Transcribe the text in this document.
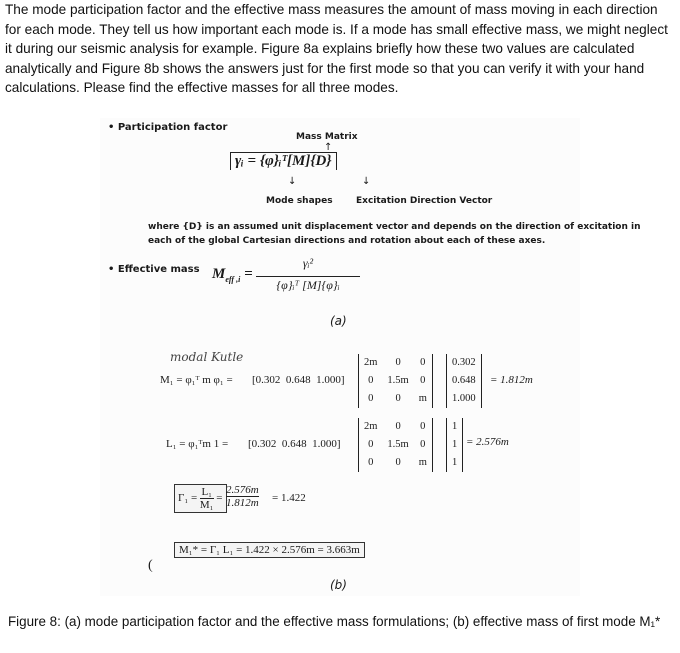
The mode participation factor and the effective mass measures the amount of mass moving in each direction for each mode. They tell us how important each mode is. If a mode has small effective mass, we might neglect it during our seismic analysis for example. Figure 8a explains briefly how these two values are calculated analytically and Figure 8b shows the answers just for the first mode so that you can verify it with your hand calculations. Please find the effective masses for all three modes.

• Participation factor
Mass Matrix
↑
γᵢ = {φ}ᵢᵀ[M]{D}
↓	↓
Mode shapes	Excitation Direction Vector
where {D} is an assumed unit displacement vector and depends on the direction of excitation in
each of the global Cartesian directions and rotation about each of these axes.
• Effective mass $M_{eff ,i}$ =
γᵢ²
{φ}ᵢᵀ [M]{φ}ᵢ
(a)
modal Kutle
M₁ = φ₁ᵀ m φ₁ = [0.302 0.648 1.000]
2m	0	0
0	1.5m	0
0	0	m
0.302
0.648
1.000
= 1.812m
L₁ = φ₁ᵀm 1 = [0.302 0.648 1.000]
2m	0	0
0	1.5m	0
0	0	m
1
1
1
= 2.576m
$\Gamma_1 = \frac{\text{L₁}}{\text{M₁}}$ =
2.576m
1.812m = 1.422
M₁* = Γ₁ L₁ = 1.422 × 2.576m = 3.663m
(
(b)
Figure 8: (a) mode participation factor and the effective mass formulations; (b) effective mass of first mode M₁*
